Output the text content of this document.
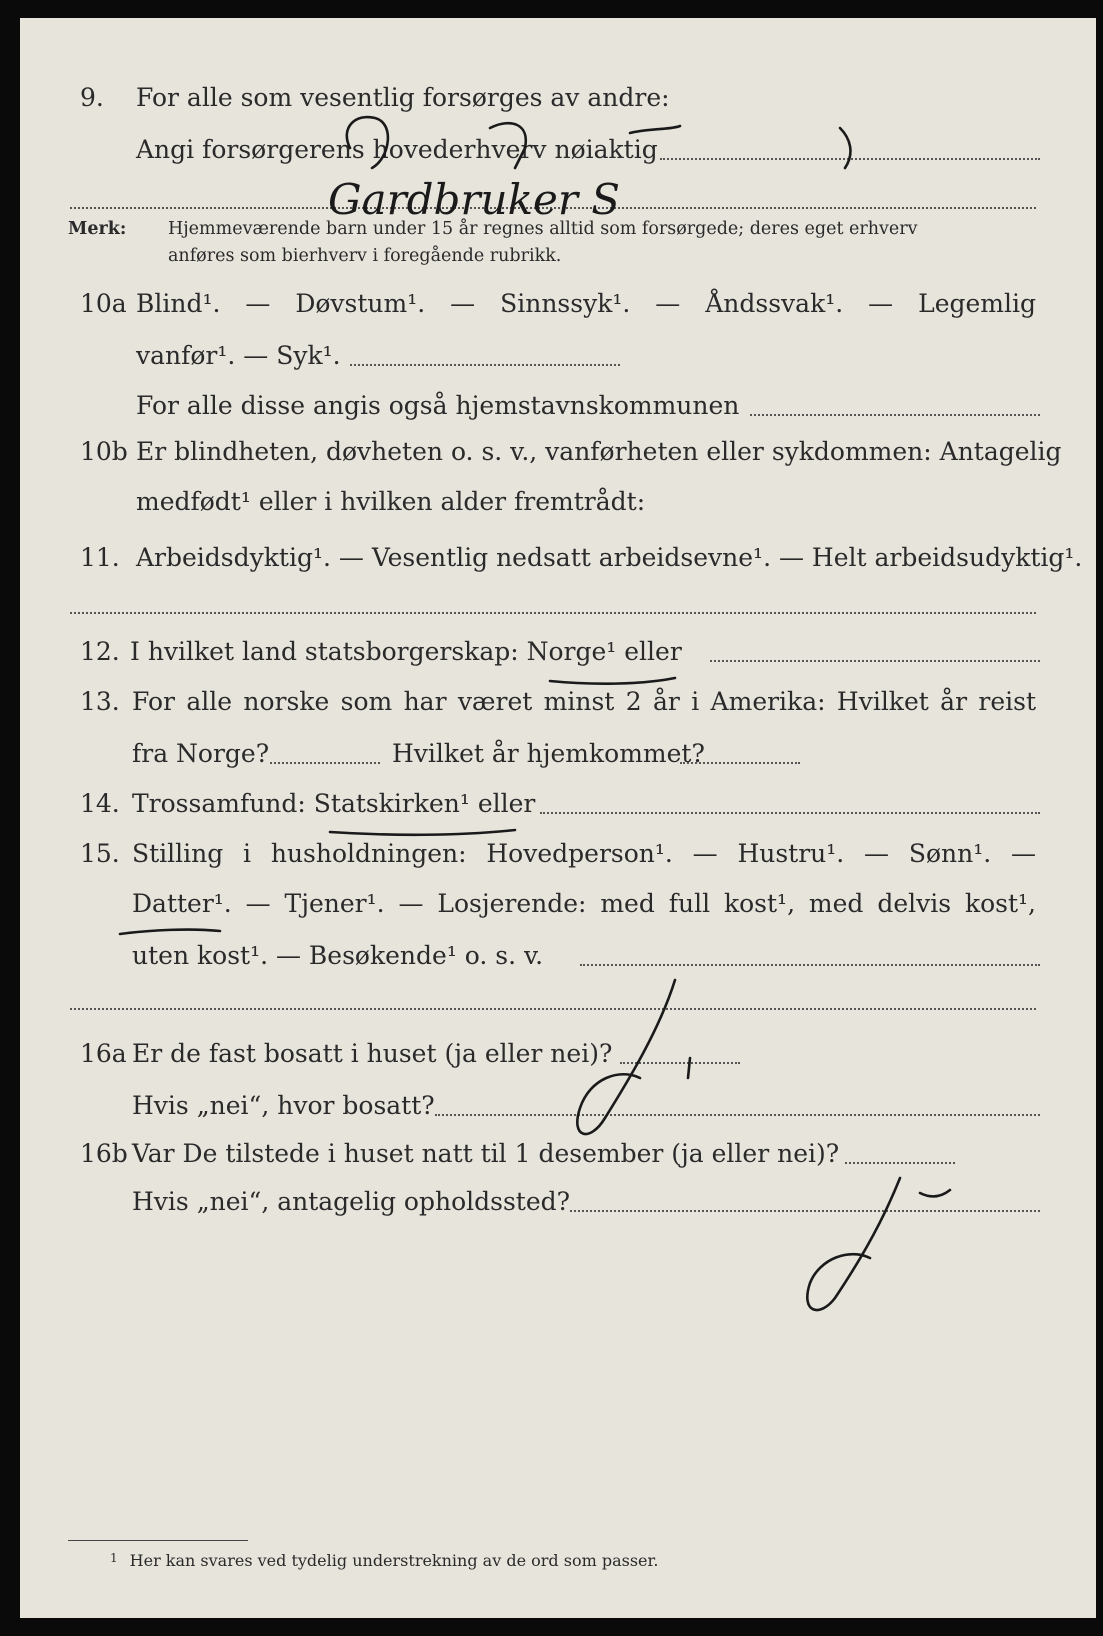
9. For alle som vesentlig forsørges av andre:
Angi forsørgerens hovederhverv nøiaktig
Merk: Hjemmeværende barn under 15 år regnes alltid som forsørgede; deres eget erhverv
anføres som bierhverv i foregående rubrikk.
10a Blind¹. — Døvstum¹. — Sinnssyk¹. — Åndssvak¹. — Legemlig
vanfør¹. — Syk¹.
For alle disse angis også hjemstavnskommunen
10b Er blindheten, døvheten o. s. v., vanførheten eller sykdommen: Antagelig
medfødt¹ eller i hvilken alder fremtrådt:
11. Arbeidsdyktig¹. — Vesentlig nedsatt arbeidsevne¹. — Helt arbeidsudyktig¹.
12. I hvilket land statsborgerskap: Norge¹ eller
13. For alle norske som har været minst 2 år i Amerika: Hvilket år reist
fra Norge?	Hvilket år hjemkommet?
14. Trossamfund: Statskirken¹ eller
15. Stilling i husholdningen: Hovedperson¹. — Hustru¹. — Sønn¹. —
Datter¹. — Tjener¹. — Losjerende: med full kost¹, med delvis kost¹,
uten kost¹. — Besøkende¹ o. s. v.
16a Er de fast bosatt i huset (ja eller nei)?
Hvis „nei“, hvor bosatt?
16b Var De tilstede i huset natt til 1 desember (ja eller nei)?
Hvis „nei“, antagelig opholdssted?
$^1$ Her kan svares ved tydelig understrekning av de ord som passer.
Gardbruker S
